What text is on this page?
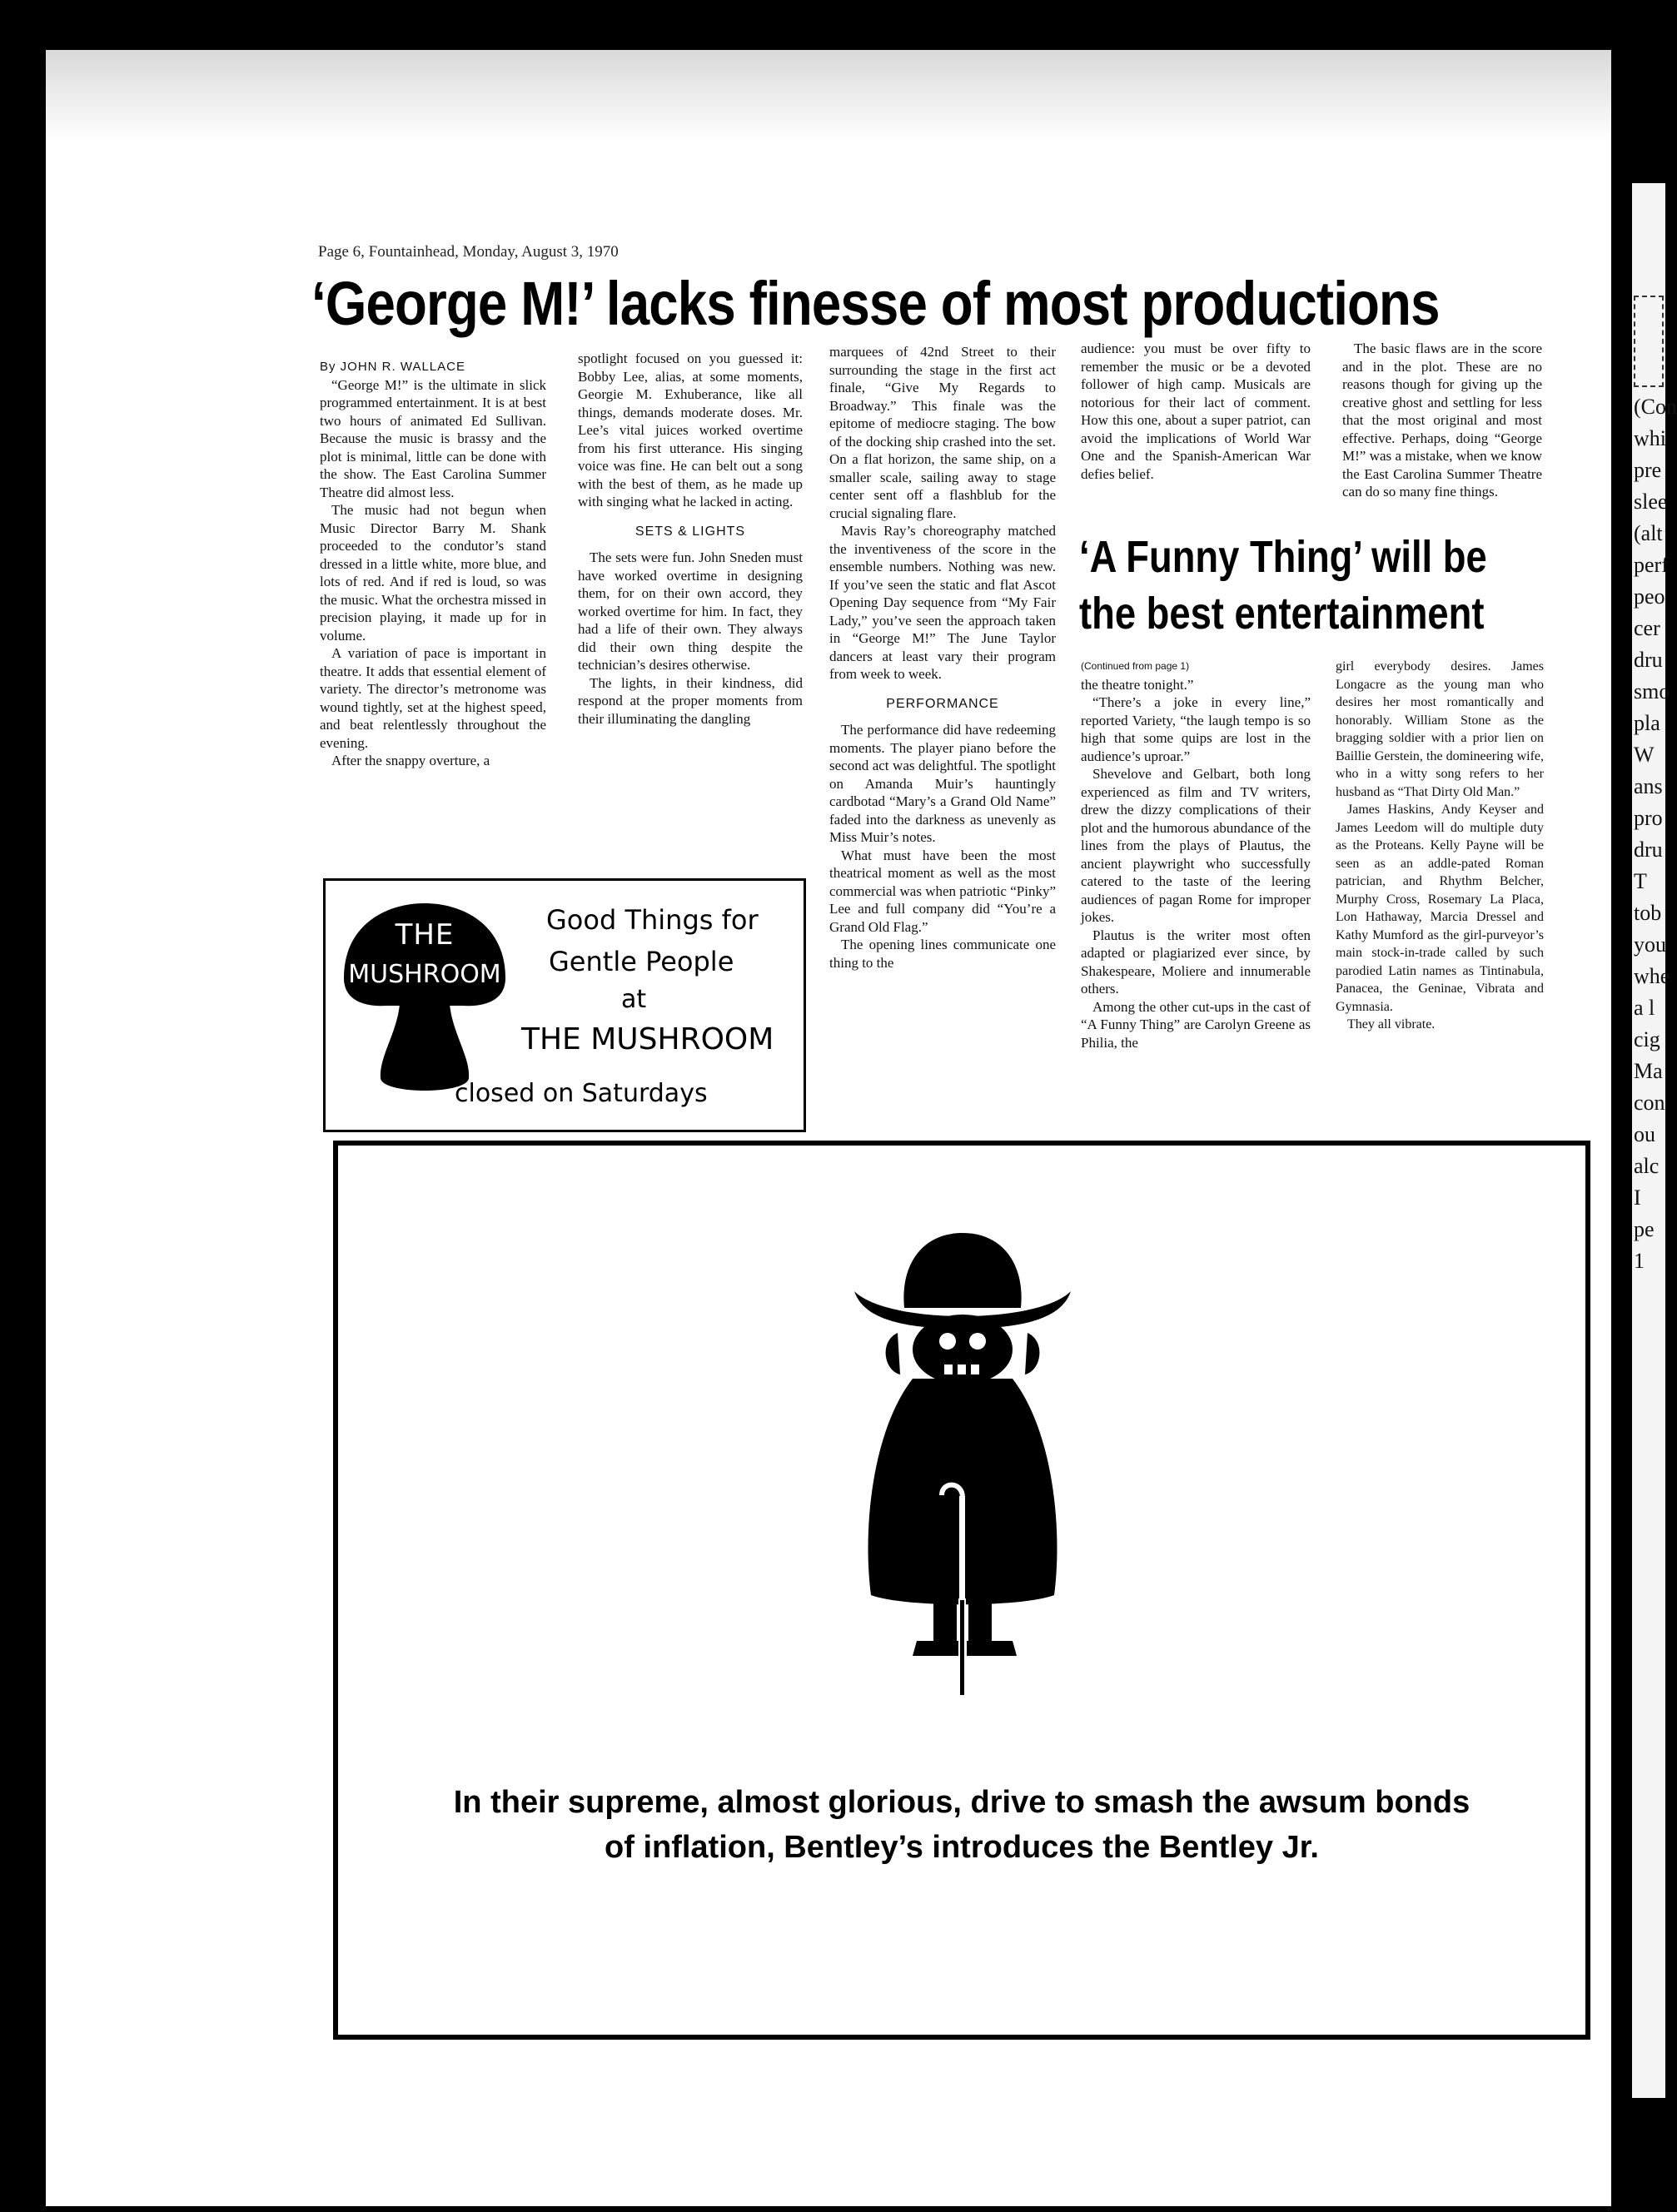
(Con
whi
pre
slee
(alt
perf
peo
cer
dru
smo
pla
W
ans
pro
dru
T
tob
you
whe
a l
cig
Ma
con
ou
alc
I
pe
1
Page 6, Fountainhead, Monday, August 3, 1970
‘George M!’ lacks finesse of most productions

By JOHN R. WALLACE

“George M!” is the ultimate in slick programmed entertainment. It is at best two hours of animated Ed Sullivan. Because the music is brassy and the plot is minimal, little can be done with the show. The East Carolina Summer Theatre did almost less.

The music had not begun when Music Director Barry M. Shank proceeded to the condutor’s stand dressed in a little white, more blue, and lots of red. And if red is loud, so was the music. What the orchestra missed in precision playing, it made up for in volume.

A variation of pace is important in theatre. It adds that essential element of variety. The director’s metronome was wound tightly, set at the highest speed, and beat relentlessly throughout the evening.

After the snappy overture, a

spotlight focused on you guessed it: Bobby Lee, alias, at some moments, Georgie M. Exhuberance, like all things, demands moderate doses. Mr. Lee’s vital juices worked overtime from his first utterance. His singing voice was fine. He can belt out a song with the best of them, as he made up with singing what he lacked in acting.

SETS & LIGHTS

The sets were fun. John Sneden must have worked overtime in designing them, for on their own accord, they worked overtime for him. In fact, they had a life of their own. They always did their own thing despite the technician’s desires otherwise.

The lights, in their kindness, did respond at the proper moments from their illuminating the dangling

marquees of 42nd Street to their surrounding the stage in the first act finale, “Give My Regards to Broadway.” This finale was the epitome of mediocre staging. The bow of the docking ship crashed into the set. On a flat horizon, the same ship, on a smaller scale, sailing away to stage center sent off a flashblub for the crucial signaling flare.

Mavis Ray’s choreography matched the inventiveness of the score in the ensemble numbers. Nothing was new. If you’ve seen the static and flat Ascot Opening Day sequence from “My Fair Lady,” you’ve seen the approach taken in “George M!” The June Taylor dancers at least vary their program from week to week.

PERFORMANCE

The performance did have redeeming moments. The player piano before the second act was delightful. The spotlight on Amanda Muir’s hauntingly cardbotad “Mary’s a Grand Old Name” faded into the darkness as unevenly as Miss Muir’s notes.

What must have been the most theatrical moment as well as the most commercial was when patriotic “Pinky” Lee and full company did “You’re a Grand Old Flag.”

The opening lines communicate one thing to the

audience: you must be over fifty to remember the music or be a devoted follower of high camp. Musicals are notorious for their lact of comment. How this one, about a super patriot, can avoid the implications of World War One and the Spanish-American War defies belief.

The basic flaws are in the score and in the plot. These are no reasons though for giving up the creative ghost and settling for less that the most original and most effective. Perhaps, doing “George M!” was a mistake, when we know the East Carolina Summer Theatre can do so many fine things.

‘A Funny Thing’ will be
the best entertainment

(Continued from page 1)

the theatre tonight.”

“There’s a joke in every line,” reported Variety, “the laugh tempo is so high that some quips are lost in the audience’s uproar.”

Shevelove and Gelbart, both long experienced as film and TV writers, drew the dizzy complications of their plot and the humorous abundance of the lines from the plays of Plautus, the ancient playwright who successfully catered to the taste of the leering audiences of pagan Rome for improper jokes.

Plautus is the writer most often adapted or plagiarized ever since, by Shakespeare, Moliere and innumerable others.

Among the other cut-ups in the cast of “A Funny Thing” are Carolyn Greene as Philia, the

girl everybody desires. James Longacre as the young man who desires her most romantically and honorably. William Stone as the bragging soldier with a prior lien on Baillie Gerstein, the domineering wife, who in a witty song refers to her husband as “That Dirty Old Man.”

James Haskins, Andy Keyser and James Leedom will do multiple duty as the Proteans. Kelly Payne will be seen as an addle-pated Roman patrician, and Rhythm Belcher, Murphy Cross, Rosemary La Placa, Lon Hathaway, Marcia Dressel and Kathy Mumford as the girl-purveyor’s main stock-in-trade called by such parodied Latin names as Tintinabula, Panacea, the Geninae, Vibrata and Gymnasia.

They all vibrate.

THE
MUSHROOM
Good Things for
Gentle People
at
THE MUSHROOM
closed on Saturdays
In their supreme, almost glorious, drive to smash the awsum bonds
of inflation, Bentley’s introduces the Bentley Jr.
